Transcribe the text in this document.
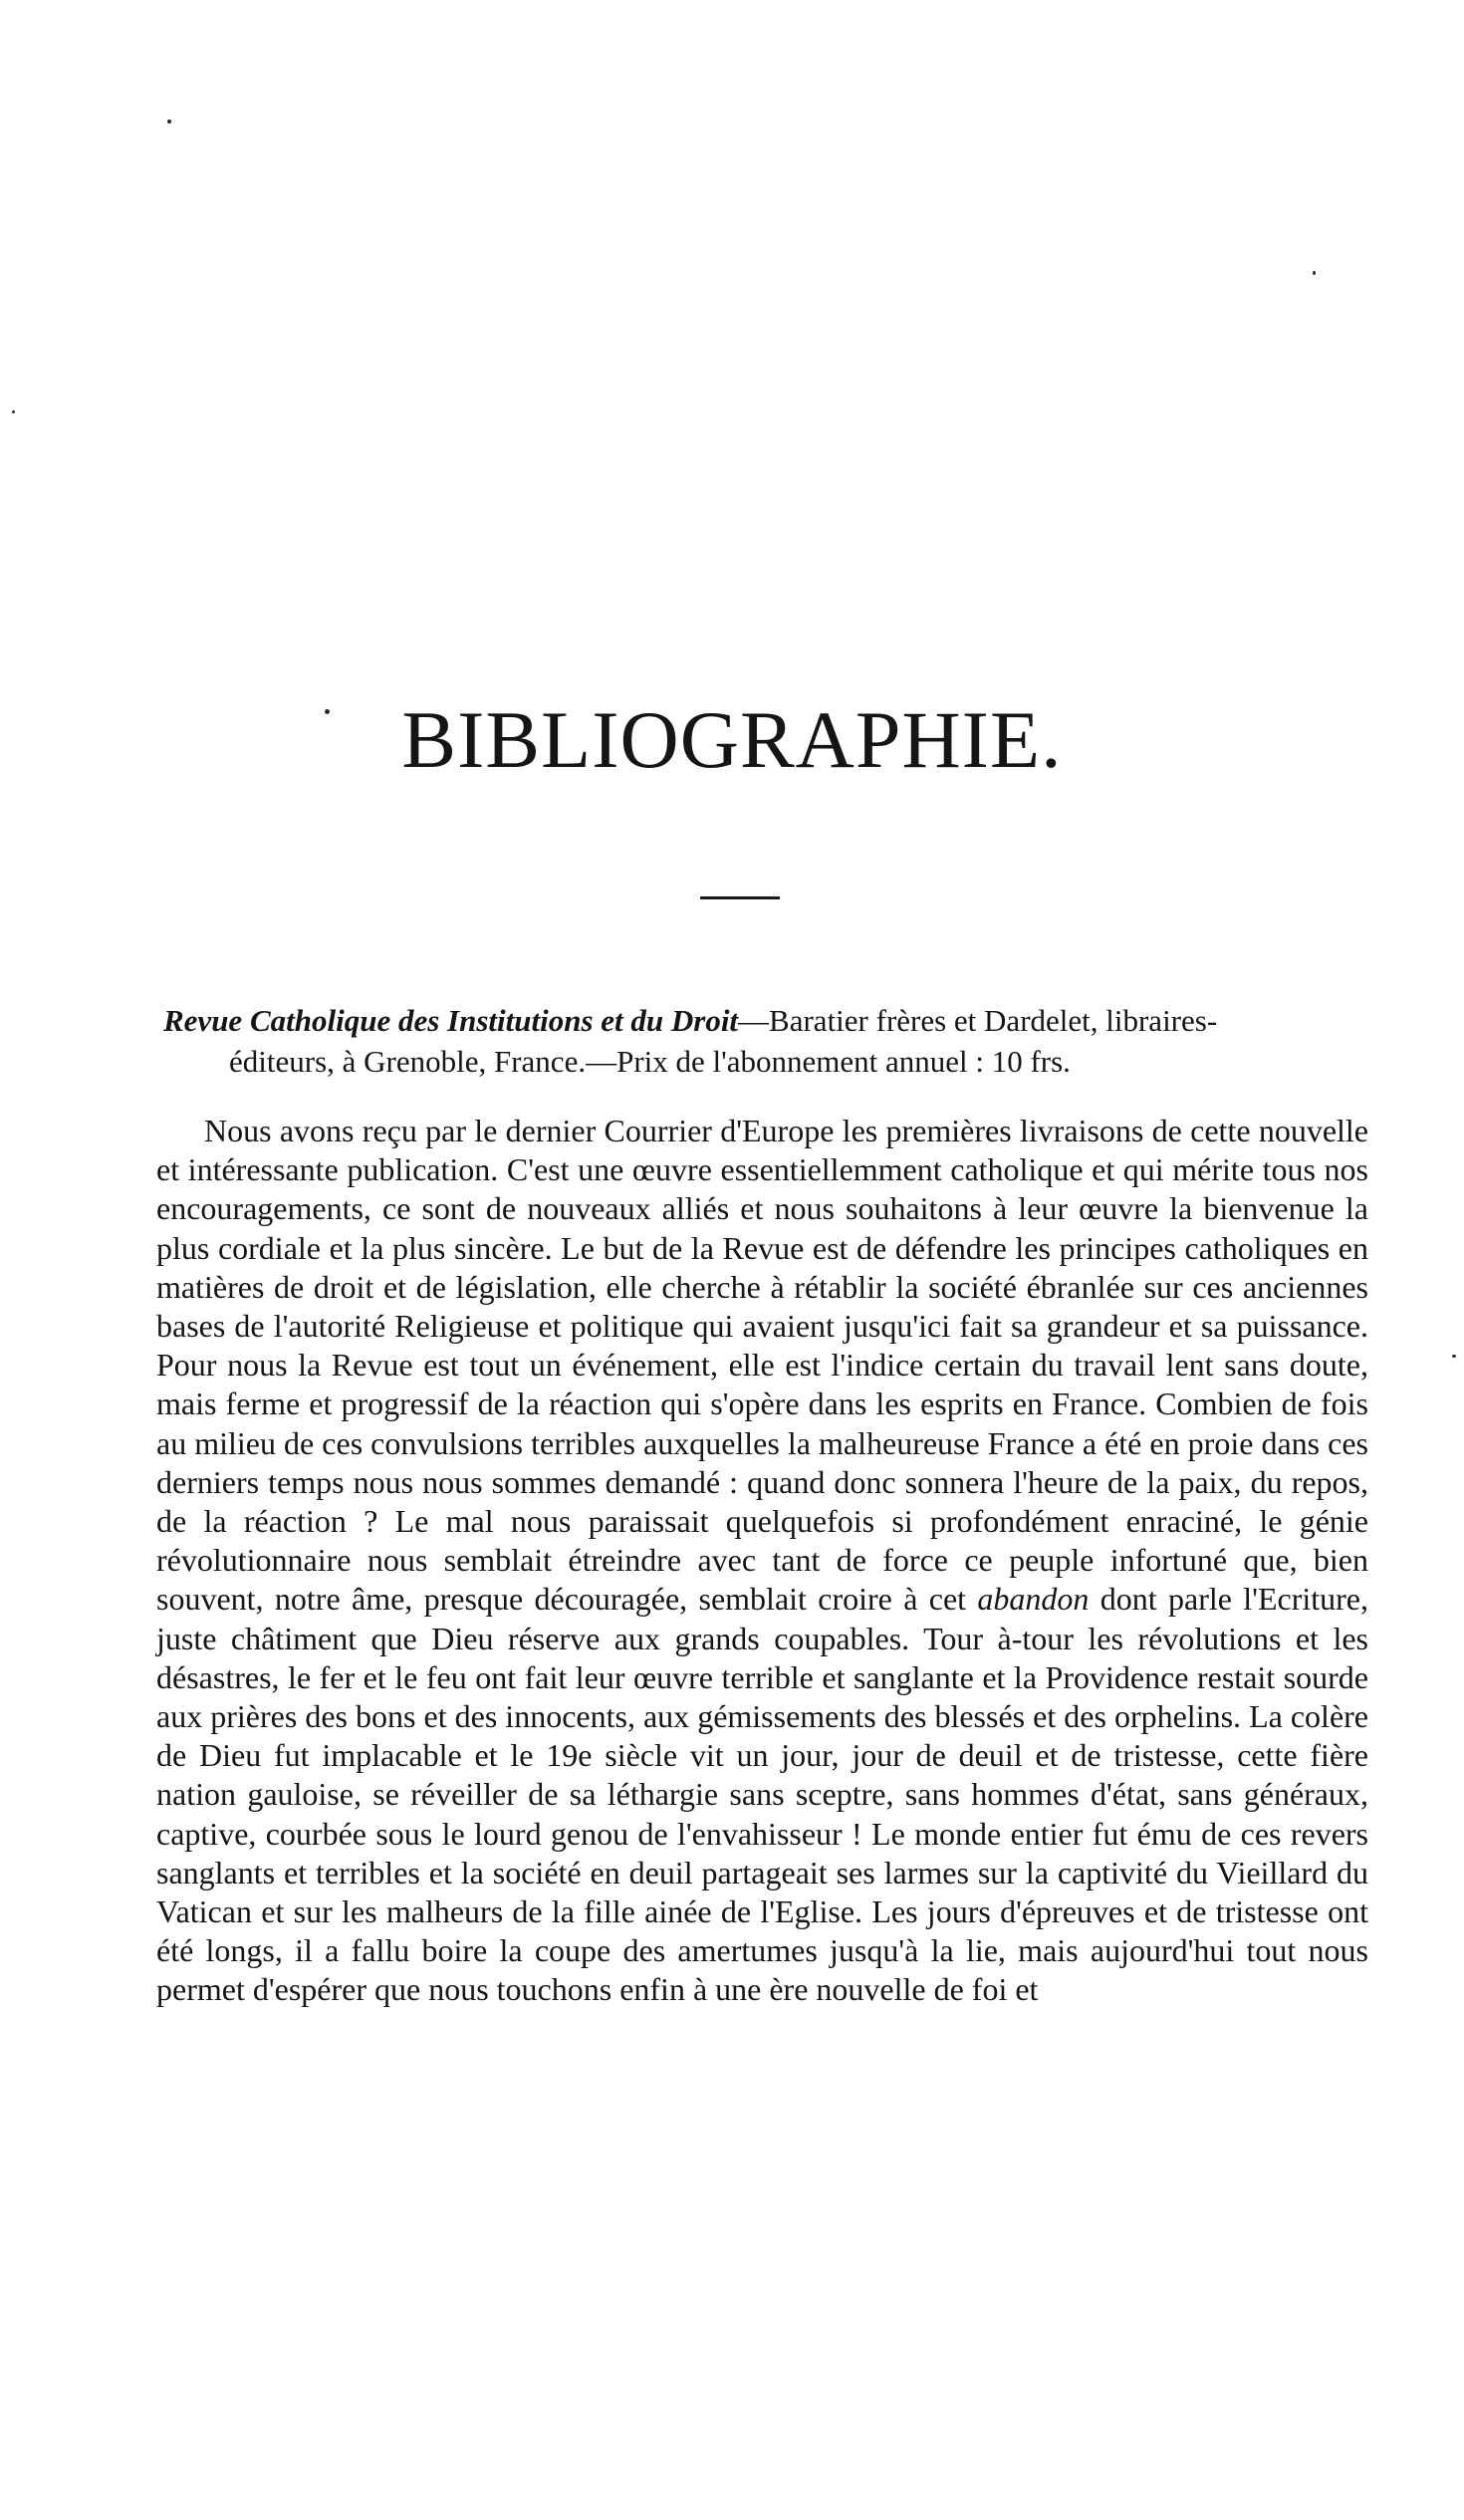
BIBLIOGRAPHIE.

Revue Catholique des Institutions et du Droit—Baratier frères et Dardelet, libraires-
éditeurs, à Grenoble, France.—Prix de l'abonnement annuel : 10 frs.

Nous avons reçu par le dernier Courrier d'Europe les premières livraisons de cette nouvelle et intéressante publication. C'est une œuvre essentiellemment catholique et qui mérite tous nos encouragements, ce sont de nouveaux alliés et nous souhaitons à leur œuvre la bienvenue la plus cordiale et la plus sincère. Le but de la Revue est de défendre les principes catholiques en matières de droit et de législation, elle cherche à rétablir la société ébranlée sur ces anciennes bases de l'autorité Religieuse et politique qui avaient jusqu'ici fait sa grandeur et sa puissance. Pour nous la Revue est tout un événement, elle est l'indice certain du travail lent sans doute, mais ferme et progressif de la réaction qui s'opère dans les esprits en France. Combien de fois au milieu de ces convulsions terribles auxquelles la malheureuse France a été en proie dans ces derniers temps nous nous sommes demandé : quand donc sonnera l'heure de la paix, du repos, de la réaction ? Le mal nous paraissait quelquefois si profondément enraciné, le génie révolutionnaire nous semblait étreindre avec tant de force ce peuple infortuné que, bien souvent, notre âme, presque découragée, semblait croire à cet abandon dont parle l'Ecriture, juste châtiment que Dieu réserve aux grands coupables. Tour à-tour les révolutions et les désastres, le fer et le feu ont fait leur œuvre terrible et sanglante et la Providence restait sourde aux prières des bons et des innocents, aux gémissements des blessés et des orphelins. La colère de Dieu fut implacable et le 19e siècle vit un jour, jour de deuil et de tristesse, cette fière nation gauloise, se réveiller de sa léthargie sans sceptre, sans hommes d'état, sans généraux, captive, courbée sous le lourd genou de l'envahisseur ! Le monde entier fut ému de ces revers sanglants et terribles et la société en deuil partageait ses larmes sur la captivité du Vieillard du Vatican et sur les malheurs de la fille ainée de l'Eglise. Les jours d'épreuves et de tristesse ont été longs, il a fallu boire la coupe des amertumes jusqu'à la lie, mais aujourd'hui tout nous permet d'espérer que nous touchons enfin à une ère nouvelle de foi et
